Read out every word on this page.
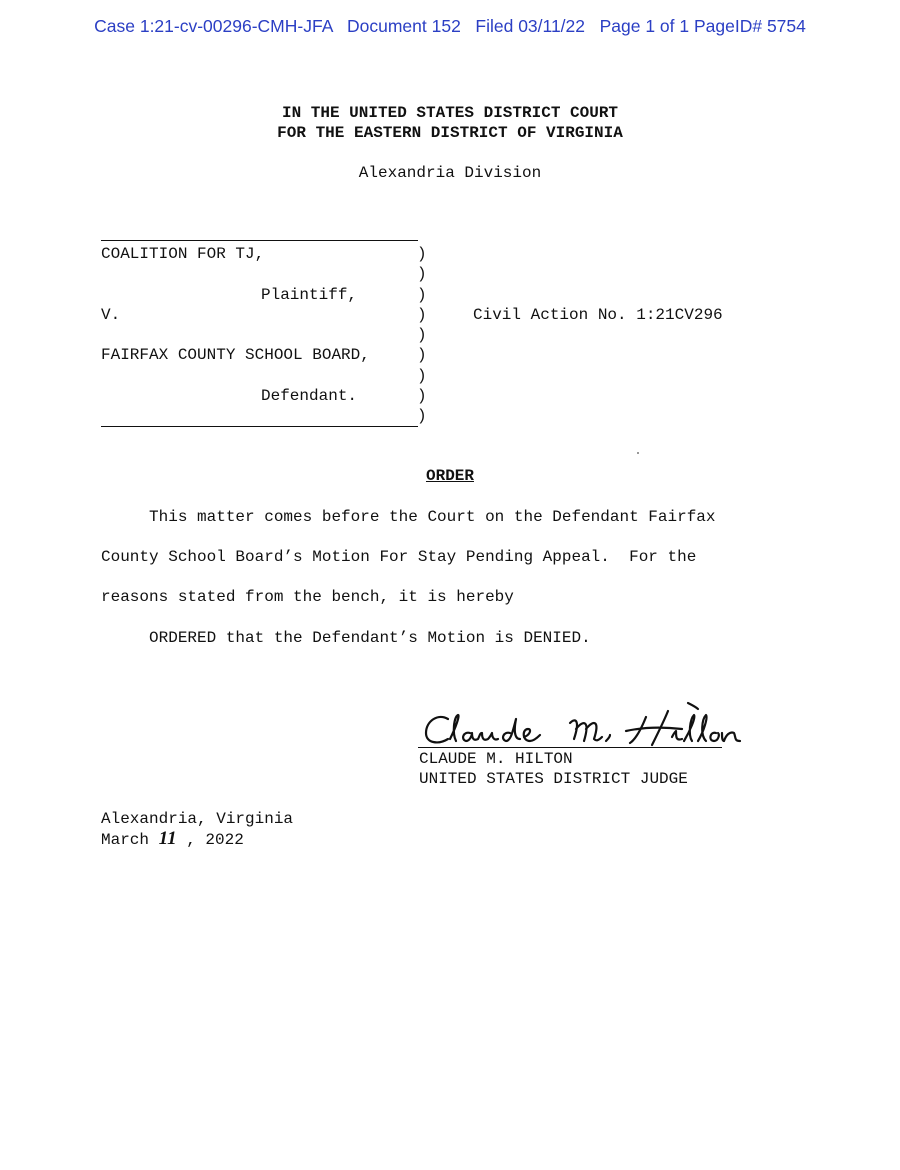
Case 1:21-cv-00296-CMH-JFA   Document 152   Filed 03/11/22   Page 1 of 1 PageID# 5754
IN THE UNITED STATES DISTRICT COURT
FOR THE EASTERN DISTRICT OF VIRGINIA
Alexandria Division
COALITION FOR TJ,
Plaintiff,
V.
FAIRFAX COUNTY SCHOOL BOARD,
Defendant.
)
)
)
)
)
)
)
)
)
Civil Action No. 1:21CV296
ORDER
This matter comes before the Court on the Defendant Fairfax
County School Board’s Motion For Stay Pending Appeal.  For the
reasons stated from the bench, it is hereby
ORDERED that the Defendant’s Motion is DENIED.
CLAUDE M. HILTON
UNITED STATES DISTRICT JUDGE
Alexandria, Virginia
March 11 , 2022
